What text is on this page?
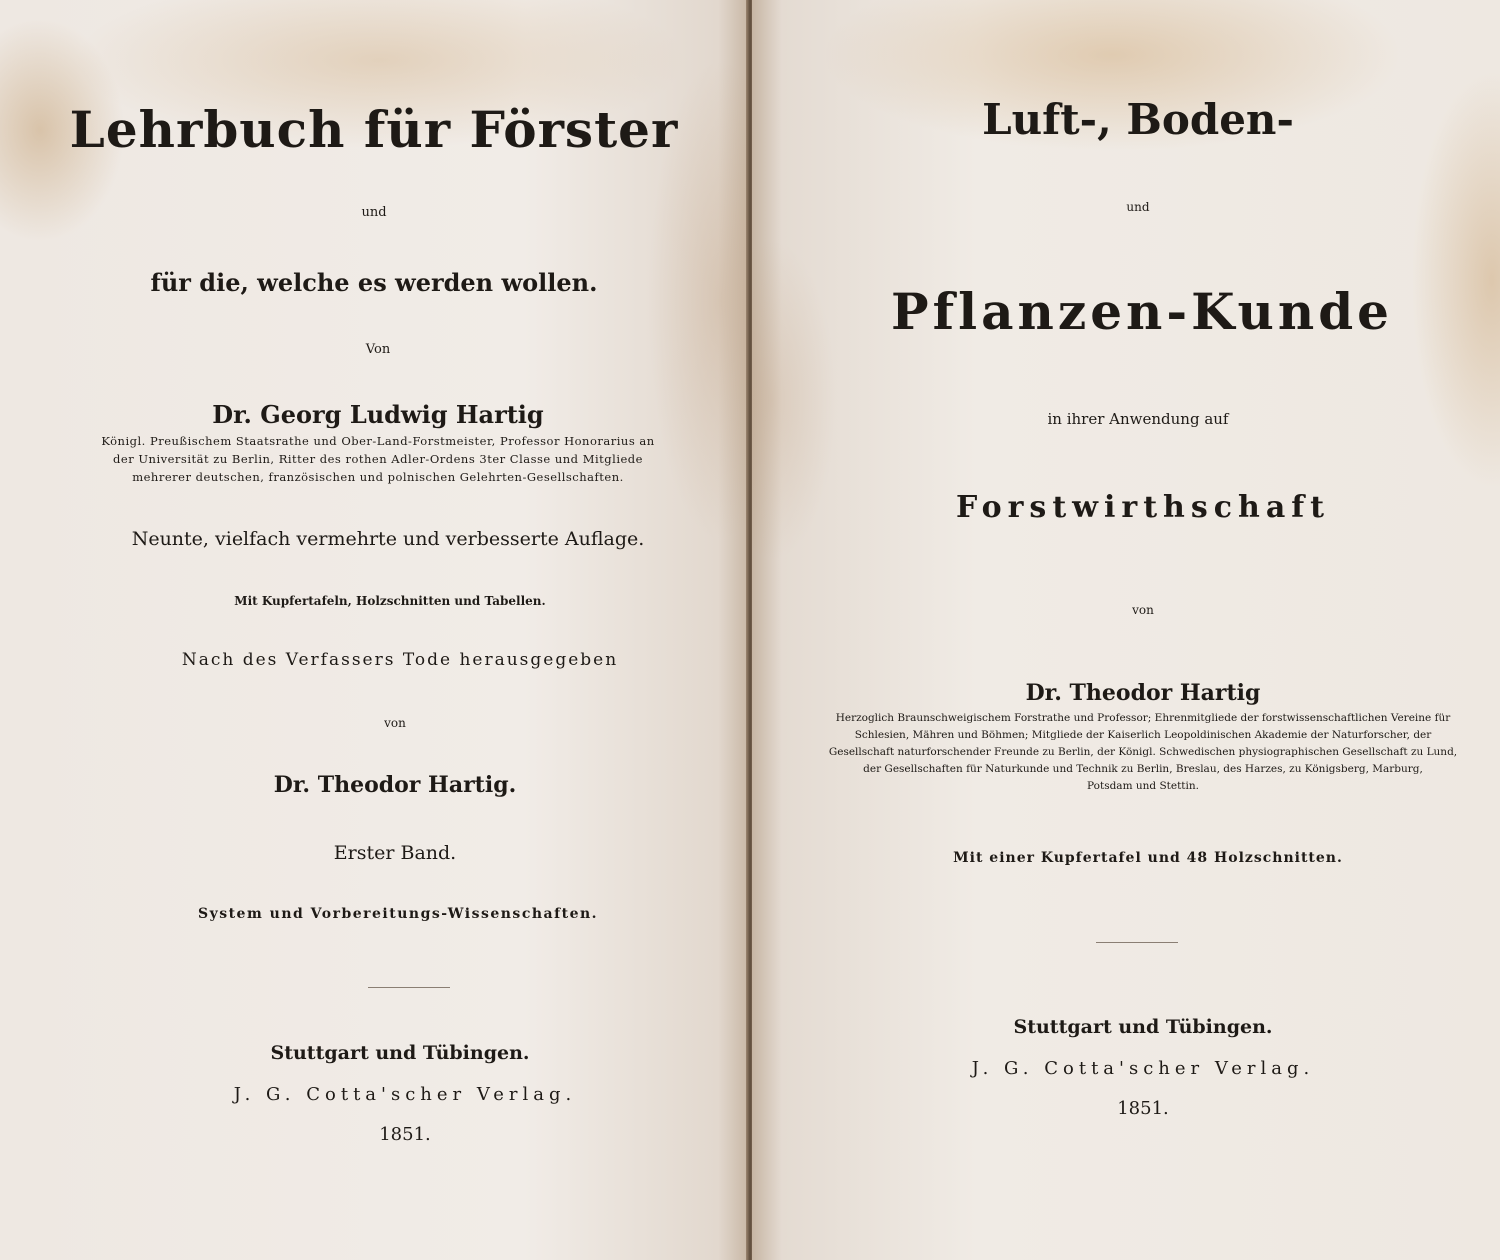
Lehrbuch für Förster
und
für die, welche es werden wollen.
Von
Dr. Georg Ludwig Hartig
Königl. Preußischem Staatsrathe und Ober-Land-Forstmeister, Professor Honorarius an
der Universität zu Berlin, Ritter des rothen Adler-Ordens 3ter Classe und Mitgliede
mehrerer deutschen, französischen und polnischen Gelehrten-Gesellschaften.
Neunte, vielfach vermehrte und verbesserte Auflage.
Mit Kupfertafeln, Holzschnitten und Tabellen.
Nach des Verfassers Tode herausgegeben
von
Dr. Theodor Hartig.
Erster Band.
System und Vorbereitungs-Wissenschaften.
Stuttgart und Tübingen.
J. G. Cotta'scher Verlag.
1851.

Luft-, Boden-
und
Pflanzen-Kunde
in ihrer Anwendung auf
Forstwirthschaft
von
Dr. Theodor Hartig
Herzoglich Braunschweigischem Forstrathe und Professor; Ehrenmitgliede der forstwissenschaftlichen Vereine für
Schlesien, Mähren und Böhmen; Mitgliede der Kaiserlich Leopoldinischen Akademie der Naturforscher, der
Gesellschaft naturforschender Freunde zu Berlin, der Königl. Schwedischen physiographischen Gesellschaft zu Lund,
der Gesellschaften für Naturkunde und Technik zu Berlin, Breslau, des Harzes, zu Königsberg, Marburg,
Potsdam und Stettin.
Mit einer Kupfertafel und 48 Holzschnitten.
Stuttgart und Tübingen.
J. G. Cotta'scher Verlag.
1851.
